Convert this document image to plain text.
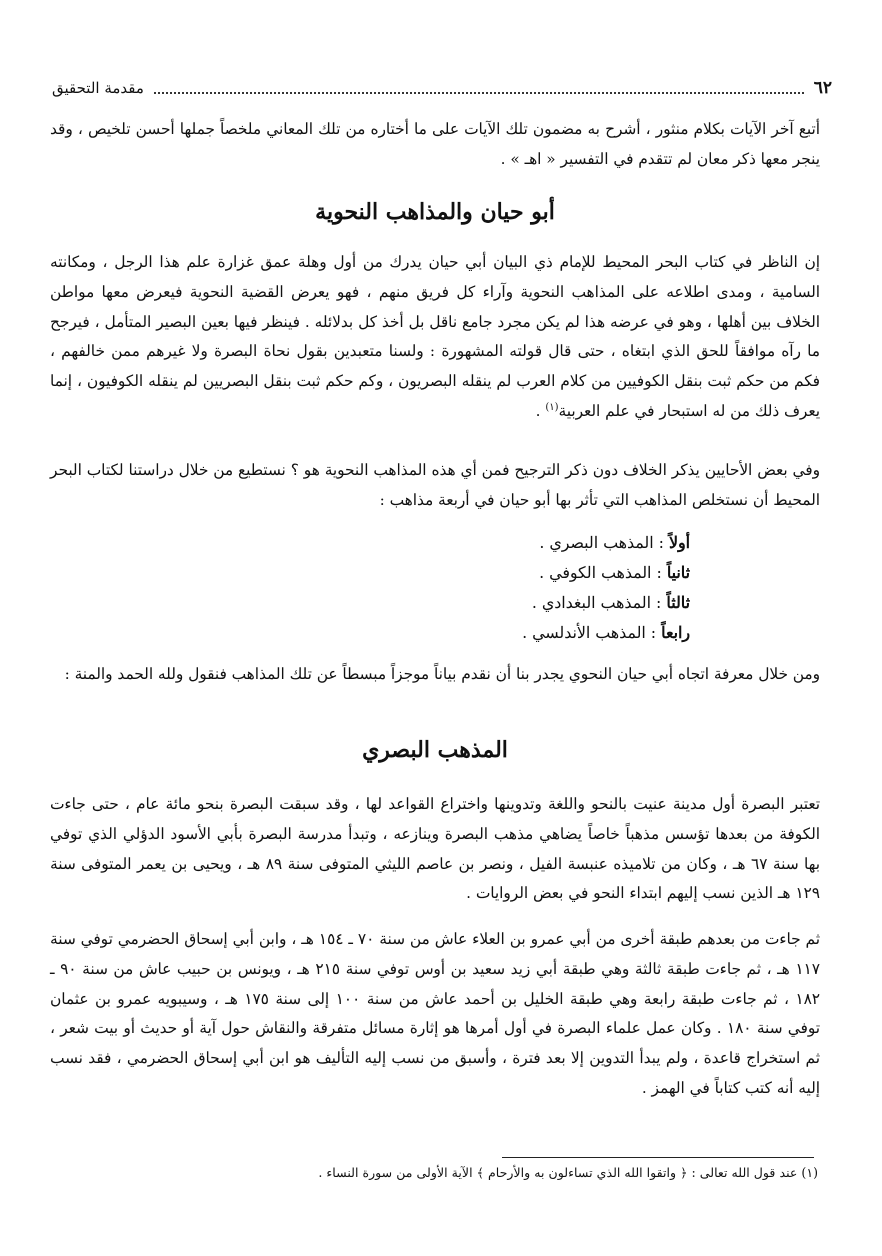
٦٢
مقدمة التحقيق

أتبع آخر الآيات بكلام منثور ، أشرح به مضمون تلك الآيات على ما أختاره من تلك المعاني ملخصاً جملها أحسن تلخيص ، وقد ينجر معها ذكر معان لم تتقدم في التفسير « اهـ » .

أبو حيان والمذاهب النحوية

إن الناظر في كتاب البحر المحيط للإمام ذي البيان أبي حيان يدرك من أول وهلة عمق غزارة علم هذا الرجل ، ومكانته السامية ، ومدى اطلاعه على المذاهب النحوية وآراء كل فريق منهم ، فهو يعرض القضية النحوية فيعرض معها مواطن الخلاف بين أهلها ، وهو في عرضه هذا لم يكن مجرد جامع ناقل بل أخذ كل بدلائله . فينظر فيها بعين البصير المتأمل ، فيرجح ما رآه موافقاً للحق الذي ابتغاه ، حتى قال قولته المشهورة : ولسنا متعبدين بقول نحاة البصرة ولا غيرهم ممن خالفهم ، فكم من حكم ثبت بنقل الكوفيين من كلام العرب لم ينقله البصريون ، وكم حكم ثبت بنقل البصريين لم ينقله الكوفيون ، إنما يعرف ذلك من له استبحار في علم العربية$^{(١)}$ .

وفي بعض الأحايين يذكر الخلاف دون ذكر الترجيح فمن أي هذه المذاهب النحوية هو ؟ نستطيع من خلال دراستنا لكتاب البحر المحيط أن نستخلص المذاهب التي تأثر بها أبو حيان في أربعة مذاهب :

أولاً : المذهب البصري .
ثانياً : المذهب الكوفي .
ثالثاً : المذهب البغدادي .
رابعاً : المذهب الأندلسي .

ومن خلال معرفة اتجاه أبي حيان النحوي يجدر بنا أن نقدم بياناً موجزاً مبسطاً عن تلك المذاهب فنقول ولله الحمد والمنة :

المذهب البصري

تعتبر البصرة أول مدينة عنيت بالنحو واللغة وتدوينها واختراع القواعد لها ، وقد سبقت البصرة بنحو مائة عام ، حتى جاءت الكوفة من بعدها تؤسس مذهباً خاصاً يضاهي مذهب البصرة وينازعه ، وتبدأ مدرسة البصرة بأبي الأسود الدؤلي الذي توفي بها سنة ٦٧ هـ ، وكان من تلاميذه عنبسة الفيل ، ونصر بن عاصم الليثي المتوفى سنة ٨٩ هـ ، ويحيى بن يعمر المتوفى سنة ١٢٩ هـ الذين نسب إليهم ابتداء النحو في بعض الروايات .

ثم جاءت من بعدهم طبقة أخرى من أبي عمرو بن العلاء عاش من سنة ٧٠ ـ ١٥٤ هـ ، وابن أبي إسحاق الحضرمي توفي سنة ١١٧ هـ ، ثم جاءت طبقة ثالثة وهي طبقة أبي زيد سعيد بن أوس توفي سنة ٢١٥ هـ ، ويونس بن حبيب عاش من سنة ٩٠ ـ ١٨٢ ، ثم جاءت طبقة رابعة وهي طبقة الخليل بن أحمد عاش من سنة ١٠٠ إلى سنة ١٧٥ هـ ، وسيبويه عمرو بن عثمان توفي سنة ١٨٠ . وكان عمل علماء البصرة في أول أمرها هو إثارة مسائل متفرقة والنقاش حول آية أو حديث أو بيت شعر ، ثم استخراج قاعدة ، ولم يبدأ التدوين إلا بعد فترة ، وأسبق من نسب إليه التأليف هو ابن أبي إسحاق الحضرمي ، فقد نسب إليه أنه كتب كتاباً في الهمز .

(١) عند قول الله تعالى : ﴿ واتقوا الله الذي تساءلون به والأرحام ﴾ الآية الأولى من سورة النساء .
